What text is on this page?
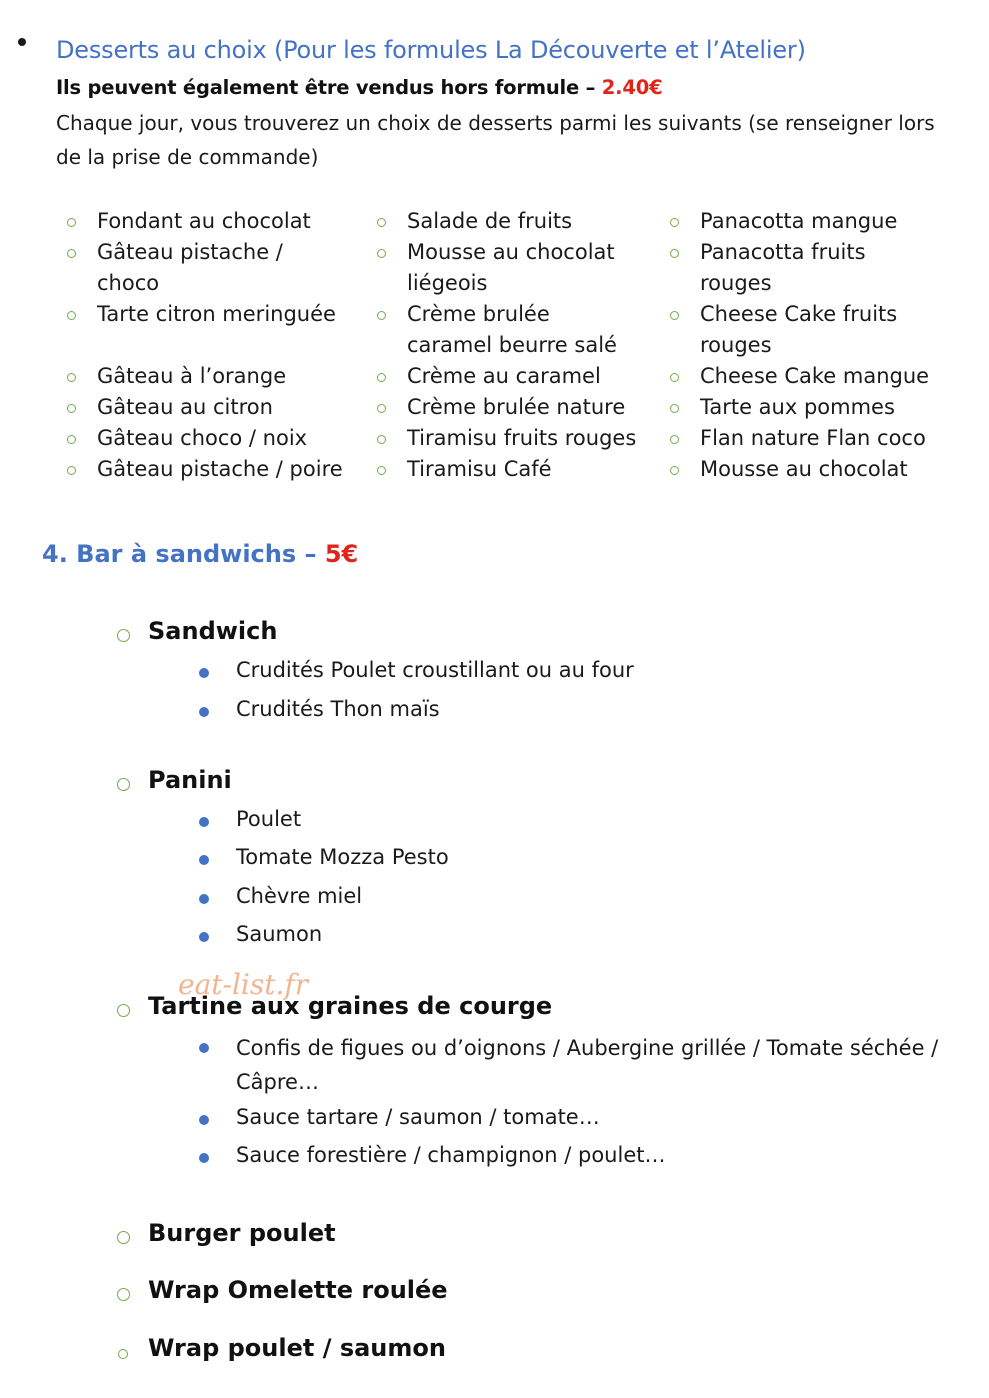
Desserts au choix (Pour les formules La Découverte et l’Atelier)
Ils peuvent également être vendus hors formule – 2.40€
Chaque jour, vous trouverez un choix de desserts parmi les suivants (se renseigner lors de la prise de commande)
Fondant au chocolat
Gâteau pistache / choco
Tarte citron meringuée
Gâteau à l’orange
Gâteau au citron
Gâteau choco / noix
Gâteau pistache / poire
Salade de fruits
Mousse au chocolat liégeois
Crème brulée caramel beurre salé
Crème au caramel
Crème brulée nature
Tiramisu fruits rouges
Tiramisu Café
Panacotta mangue
Panacotta fruits rouges
Cheese Cake fruits rouges
Cheese Cake mangue
Tarte aux pommes
Flan nature Flan coco
Mousse au chocolat
4. Bar à sandwichs – 5€
Sandwich
Crudités Poulet croustillant ou au four
Crudités Thon maïs
Panini
Poulet
Tomate Mozza Pesto
Chèvre miel
Saumon
Tartine aux graines de courge
Confis de figues ou d’oignons / Aubergine grillée / Tomate séchée / Câpre…
Sauce tartare / saumon / tomate…
Sauce forestière / champignon / poulet…
Burger poulet
Wrap Omelette roulée
Wrap poulet / saumon
eat-list.fr
